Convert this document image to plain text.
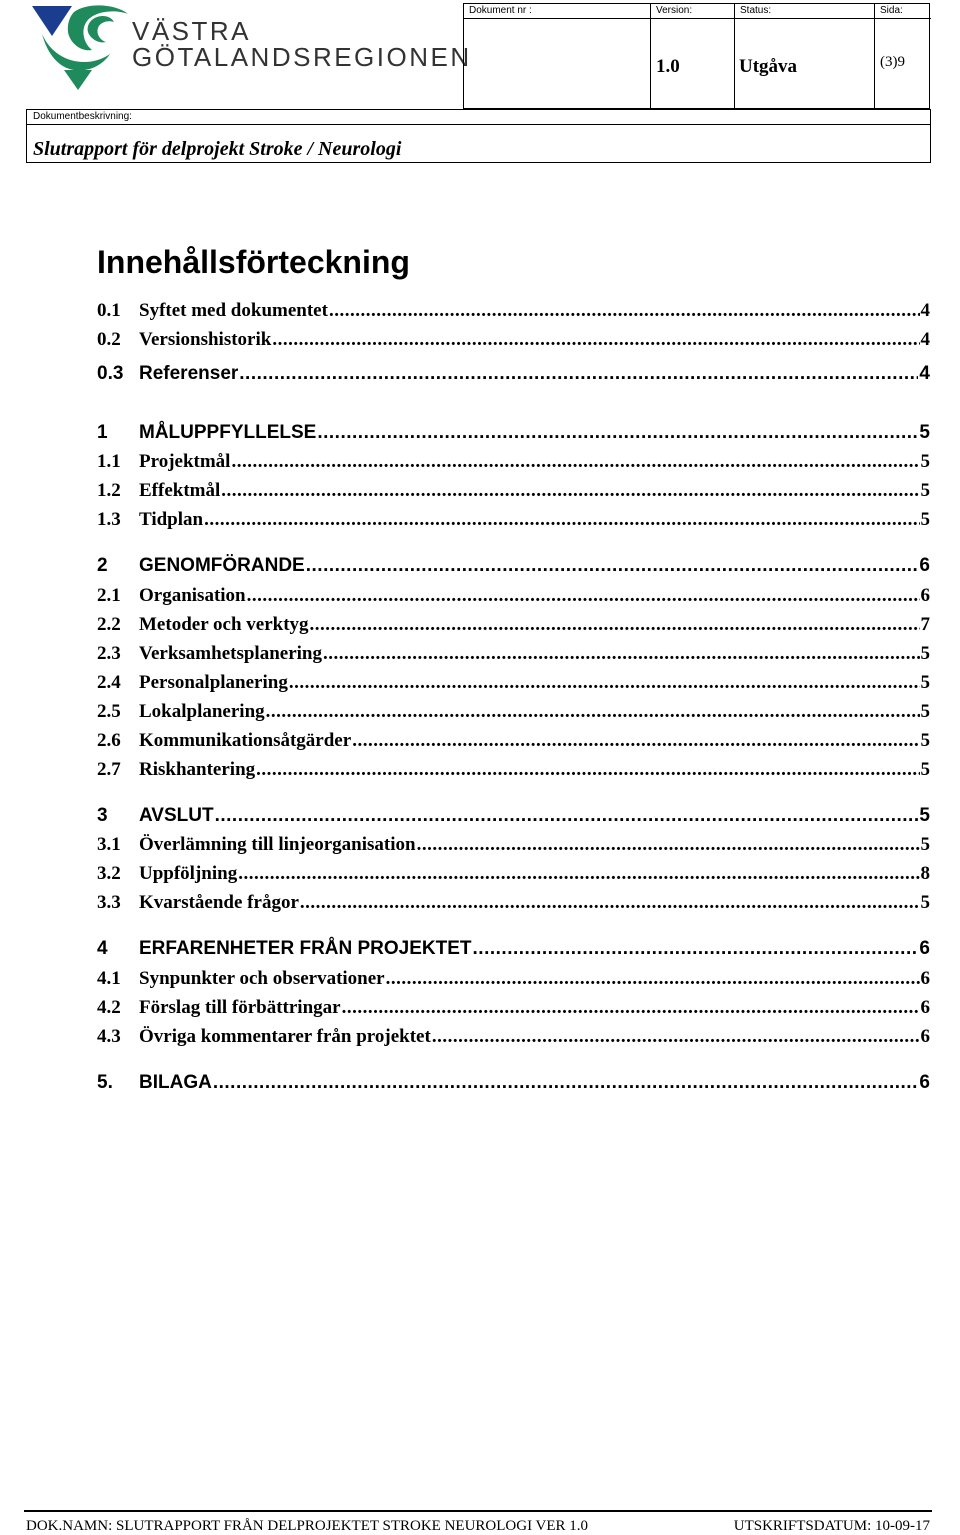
VÄSTRA
GÖTALANDSREGIONEN
Dokument nr :	Version:
1.0
Status:
Utgåva
Sida:
(3)9
Dokumentbeskrivning:
Slutrapport för delprojekt Stroke / Neurologi
Innehållsförteckning
0.1 Syftet med dokumentet .....	4
0.2 Versionshistorik .....	4
0.3 Referenser .....	4
1 MÅLUPPFYLLELSE .....	5
1.1 Projektmål .....	5
1.2 Effektmål .....	5
1.3 Tidplan .....	5
2 GENOMFÖRANDE .....	6
2.1 Organisation .....	6
2.2 Metoder och verktyg .....	7
2.3 Verksamhetsplanering .....	5
2.4 Personalplanering .....	5
2.5 Lokalplanering .....	5
2.6 Kommunikationsåtgärder .....	5
2.7 Riskhantering .....	5
3 AVSLUT .....	5
3.1 Överlämning till linjeorganisation .....	5
3.2 Uppföljning .....	8
3.3 Kvarstående frågor .....	5
4 ERFARENHETER FRÅN PROJEKTET .....	6
4.1 Synpunkter och observationer .....	6
4.2 Förslag till förbättringar .....	6
4.3 Övriga kommentarer från projektet .....	6
5. BILAGA .....	6
DOK.NAMN: SLUTRAPPORT FRÅN DELPROJEKTET STROKE NEUROLOGI VER 1.0	UTSKRIFTSDATUM: 10-09-17
